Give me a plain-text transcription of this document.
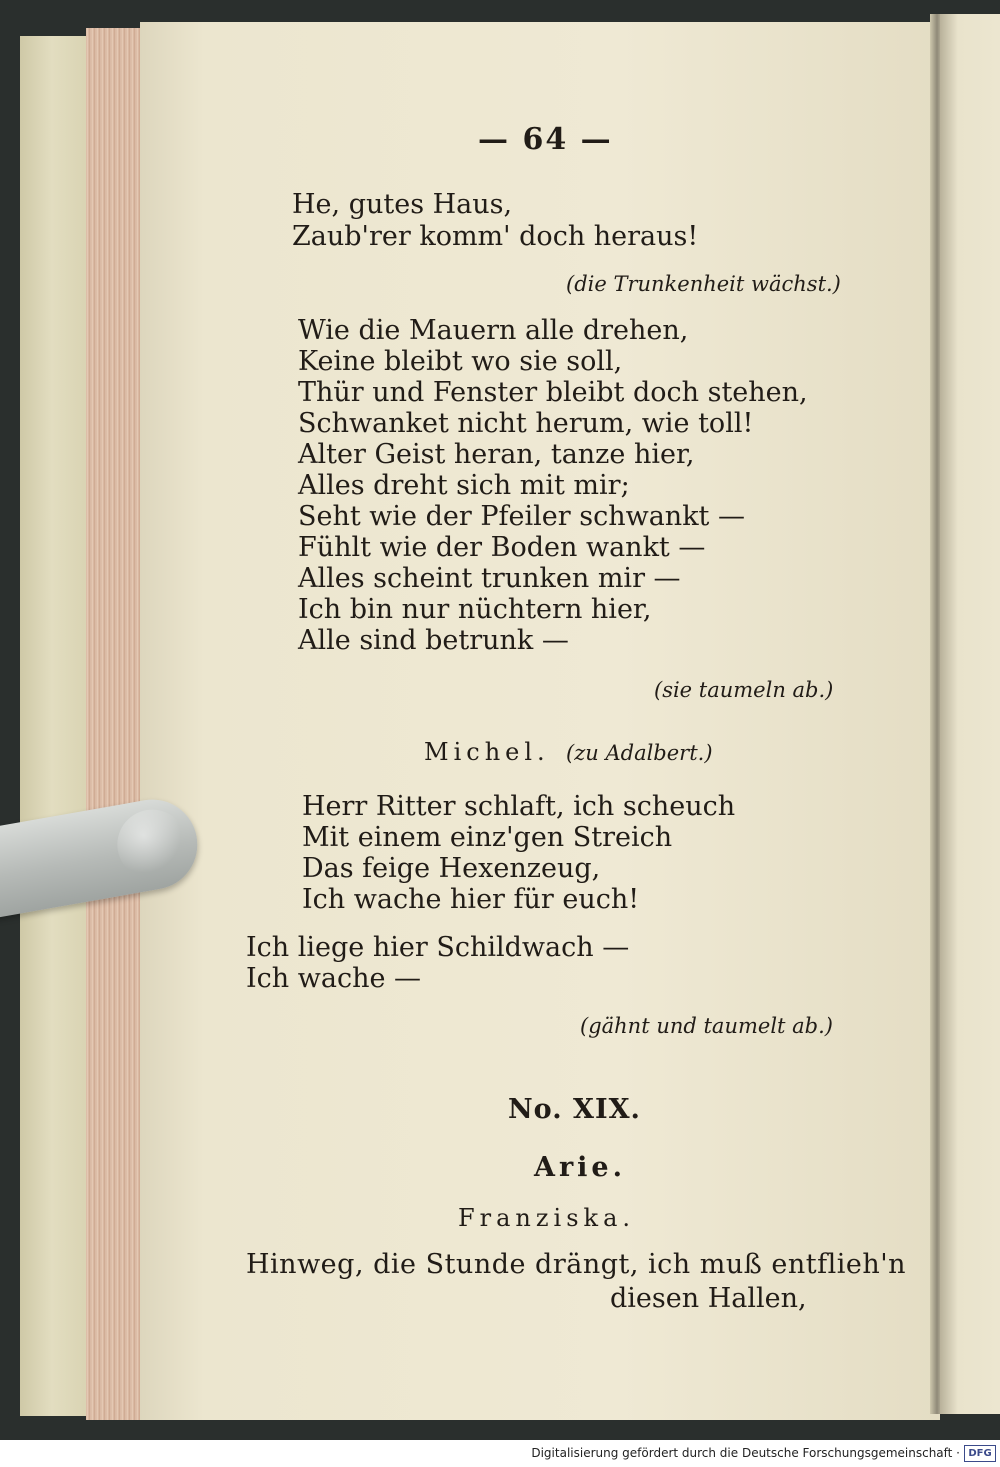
— 64 —
He, gutes Haus,
Zaub'rer komm' doch heraus!
(die Trunkenheit wächst.)
Wie die Mauern alle drehen,
Keine bleibt wo sie soll,
Thür und Fenster bleibt doch stehen,
Schwanket nicht herum, wie toll!
Alter Geist heran, tanze hier,
Alles dreht sich mit mir;
Seht wie der Pfeiler schwankt —
Fühlt wie der Boden wankt —
Alles scheint trunken mir —
Ich bin nur nüchtern hier,
Alle sind betrunk —
(sie taumeln ab.)
Michel. (zu Adalbert.)
Herr Ritter schlaft, ich scheuch
Mit einem einz'gen Streich
Das feige Hexenzeug,
Ich wache hier für euch!
Ich liege hier Schildwach —
Ich wache —
(gähnt und taumelt ab.)
No. XIX.
Arie.
Franziska.
Hinweg, die Stunde drängt, ich muß entflieh'n
diesen Hallen,
Digitalisierung gefördert durch die Deutsche Forschungsgemeinschaft · DFG
